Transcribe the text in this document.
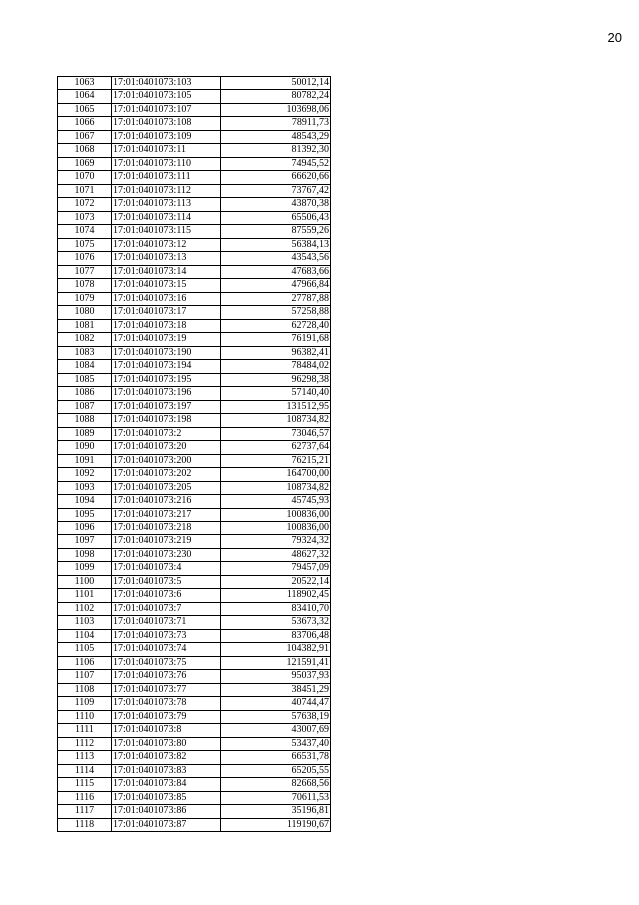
20
1063	17:01:0401073:103	50012,14
1064	17:01:0401073:105	80782,24
1065	17:01:0401073:107	103698,06
1066	17:01:0401073:108	78911,73
1067	17:01:0401073:109	48543,29
1068	17:01:0401073:11	81392,30
1069	17:01:0401073:110	74945,52
1070	17:01:0401073:111	66620,66
1071	17:01:0401073:112	73767,42
1072	17:01:0401073:113	43870,38
1073	17:01:0401073:114	65506,43
1074	17:01:0401073:115	87559,26
1075	17:01:0401073:12	56384,13
1076	17:01:0401073:13	43543,56
1077	17:01:0401073:14	47683,66
1078	17:01:0401073:15	47966,84
1079	17:01:0401073:16	27787,88
1080	17:01:0401073:17	57258,88
1081	17:01:0401073:18	62728,40
1082	17:01:0401073:19	76191,68
1083	17:01:0401073:190	96382,41
1084	17:01:0401073:194	78484,02
1085	17:01:0401073:195	96298,38
1086	17:01:0401073:196	57140,40
1087	17:01:0401073:197	131512,95
1088	17:01:0401073:198	108734,82
1089	17:01:0401073:2	73046,57
1090	17:01:0401073:20	62737,64
1091	17:01:0401073:200	76215,21
1092	17:01:0401073:202	164700,00
1093	17:01:0401073:205	108734,82
1094	17:01:0401073:216	45745,93
1095	17:01:0401073:217	100836,00
1096	17:01:0401073:218	100836,00
1097	17:01:0401073:219	79324,32
1098	17:01:0401073:230	48627,32
1099	17:01:0401073:4	79457,09
1100	17:01:0401073:5	20522,14
1101	17:01:0401073:6	118902,45
1102	17:01:0401073:7	83410,70
1103	17:01:0401073:71	53673,32
1104	17:01:0401073:73	83706,48
1105	17:01:0401073:74	104382,91
1106	17:01:0401073:75	121591,41
1107	17:01:0401073:76	95037,93
1108	17:01:0401073:77	38451,29
1109	17:01:0401073:78	40744,47
1110	17:01:0401073:79	57638,19
1111	17:01:0401073:8	43007,69
1112	17:01:0401073:80	53437,40
1113	17:01:0401073:82	66531,78
1114	17:01:0401073:83	65205,55
1115	17:01:0401073:84	82668,56
1116	17:01:0401073:85	70611,53
1117	17:01:0401073:86	35196,81
1118	17:01:0401073:87	119190,67
